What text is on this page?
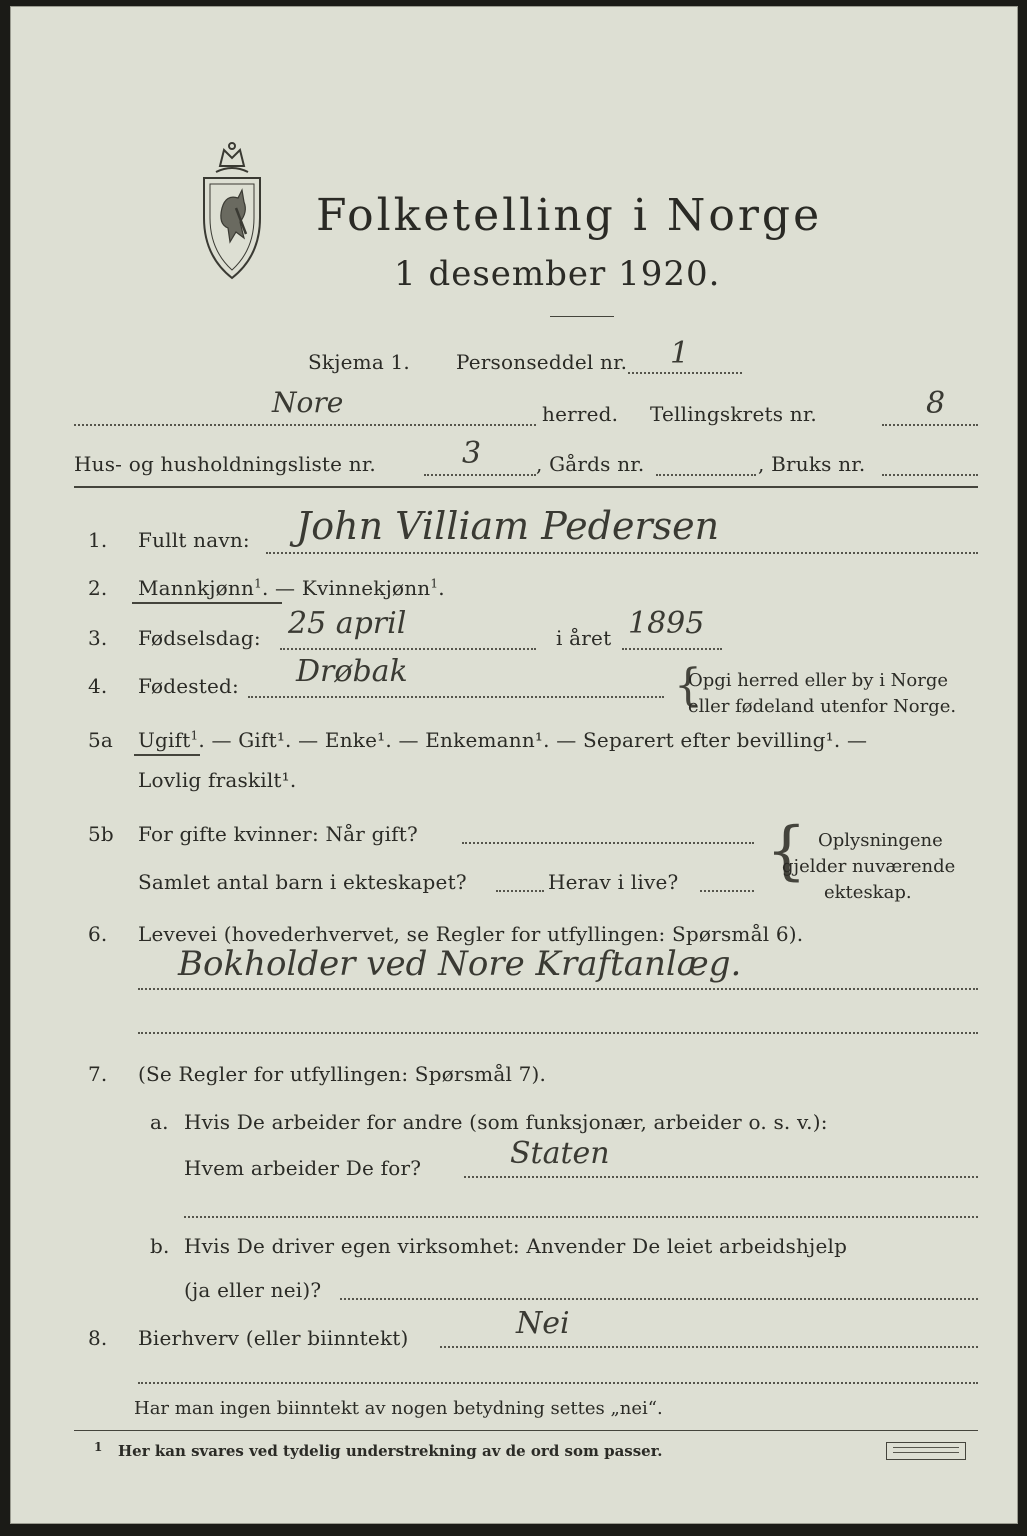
Folketelling i Norge
1 desember 1920.
Skjema 1. Personseddel nr. 1
Nore	herred. Tellingskrets nr.	8
Hus- og husholdningsliste nr.	3	, Gårds nr.	, Bruks nr.
1. Fullt navn: John Villiam Pedersen
2. Mannkjønn$^1$. — Kvinnekjønn$^1$.
3. Fødselsdag: 25 april	i året 1895
4. Fødested: Drøbak	{
Opgi herred eller by i Norge
eller fødeland utenfor Norge.
5a Ugift$^1$. — Gift¹. — Enke¹. — Enkemann¹. — Separert efter bevilling¹. —
Lovlig fraskilt¹.
5b For gifte kvinner: Når gift?
Samlet antal barn i ekteskapet?	Herav i live? { Oplysningene
gjelder nuværende
ekteskap.
6. Levevei (hovederhvervet, se Regler for utfyllingen: Spørsmål 6).
Bokholder ved Nore Kraftanlæg.
7. (Se Regler for utfyllingen: Spørsmål 7).
a. Hvis De arbeider for andre (som funksjonær, arbeider o. s. v.):
Hvem arbeider De for?	Staten
b. Hvis De driver egen virksomhet: Anvender De leiet arbeidshjelp
(ja eller nei)?
8. Bierhverv (eller biinntekt)	Nei
Har man ingen biinntekt av nogen betydning settes „nei“.
1 Her kan svares ved tydelig understrekning av de ord som passer.
